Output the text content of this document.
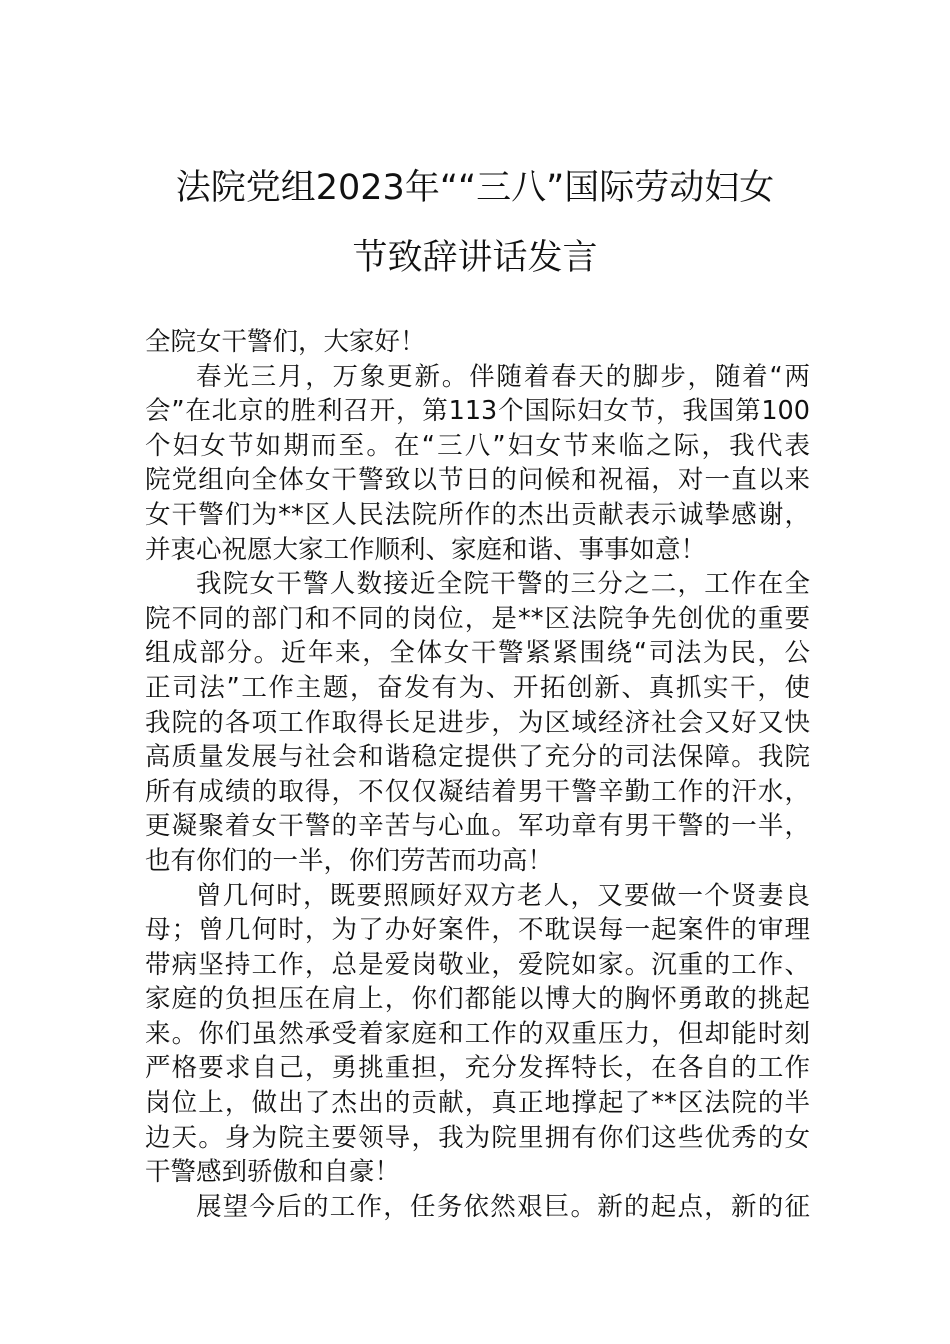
法院党组2023年““三八”国际劳动妇女
节致辞讲话发言
全院女干警们，大家好！
春光三月，万象更新。伴随着春天的脚步，随着“两
会”在北京的胜利召开，第113个国际妇女节，我国第100
个妇女节如期而至。在“三八”妇女节来临之际，我代表
院党组向全体女干警致以节日的问候和祝福，对一直以来
女干警们为**区人民法院所作的杰出贡献表示诚挚感谢，
并衷心祝愿大家工作顺利、家庭和谐、事事如意！
我院女干警人数接近全院干警的三分之二，工作在全
院不同的部门和不同的岗位，是**区法院争先创优的重要
组成部分。近年来，全体女干警紧紧围绕“司法为民，公
正司法”工作主题，奋发有为、开拓创新、真抓实干，使
我院的各项工作取得长足进步，为区域经济社会又好又快
高质量发展与社会和谐稳定提供了充分的司法保障。我院
所有成绩的取得，不仅仅凝结着男干警辛勤工作的汗水，
更凝聚着女干警的辛苦与心血。军功章有男干警的一半，
也有你们的一半，你们劳苦而功高！
曾几何时，既要照顾好双方老人，又要做一个贤妻良
母；曾几何时，为了办好案件，不耽误每一起案件的审理
带病坚持工作，总是爱岗敬业，爱院如家。沉重的工作、
家庭的负担压在肩上，你们都能以博大的胸怀勇敢的挑起
来。你们虽然承受着家庭和工作的双重压力，但却能时刻
严格要求自己，勇挑重担，充分发挥特长，在各自的工作
岗位上，做出了杰出的贡献，真正地撑起了**区法院的半
边天。身为院主要领导，我为院里拥有你们这些优秀的女
干警感到骄傲和自豪！
展望今后的工作，任务依然艰巨。新的起点，新的征
